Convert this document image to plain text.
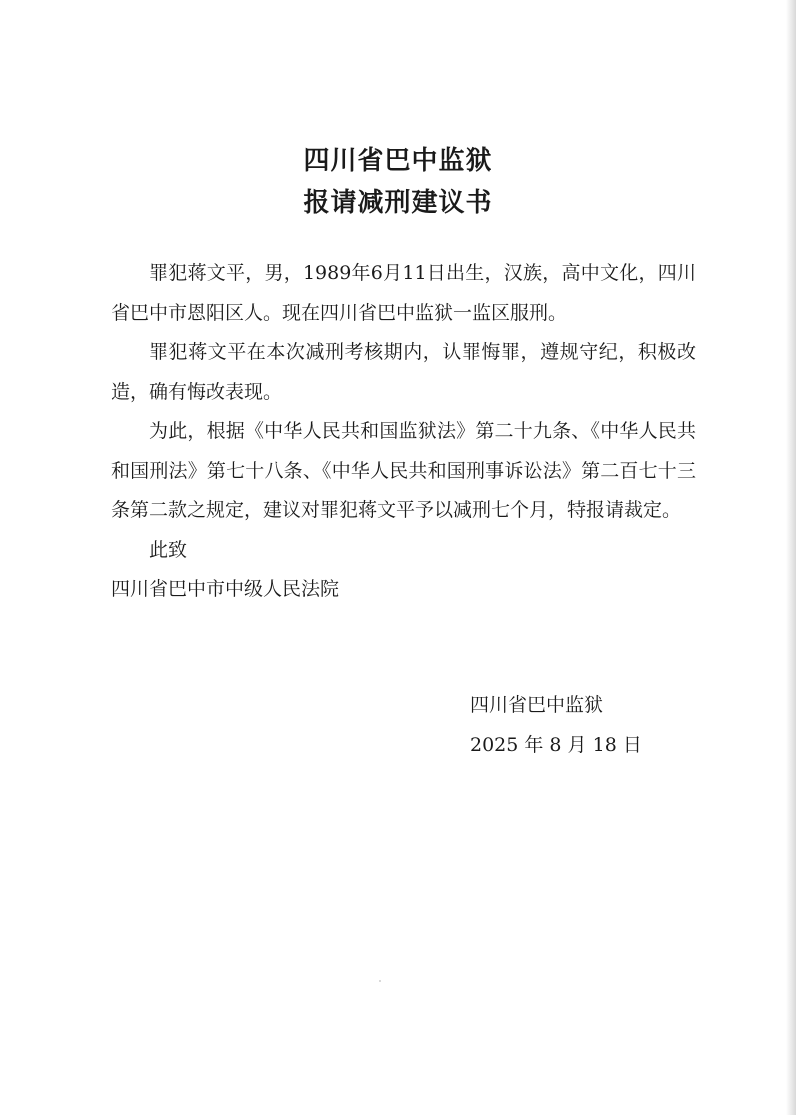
四川省巴中监狱
报请减刑建议书

罪犯蒋文平，男，1989年6月11日出生，汉族，高中文化，四川省巴中市恩阳区人。现在四川省巴中监狱一监区服刑。

罪犯蒋文平在本次减刑考核期内，认罪悔罪，遵规守纪，积极改造，确有悔改表现。

为此，根据《中华人民共和国监狱法》第二十九条、《中华人民共和国刑法》第七十八条、《中华人民共和国刑事诉讼法》第二百七十三条第二款之规定，建议对罪犯蒋文平予以减刑七个月，特报请裁定。

此致

四川省巴中市中级人民法院

四川省巴中监狱
2025 年 8 月 18 日
